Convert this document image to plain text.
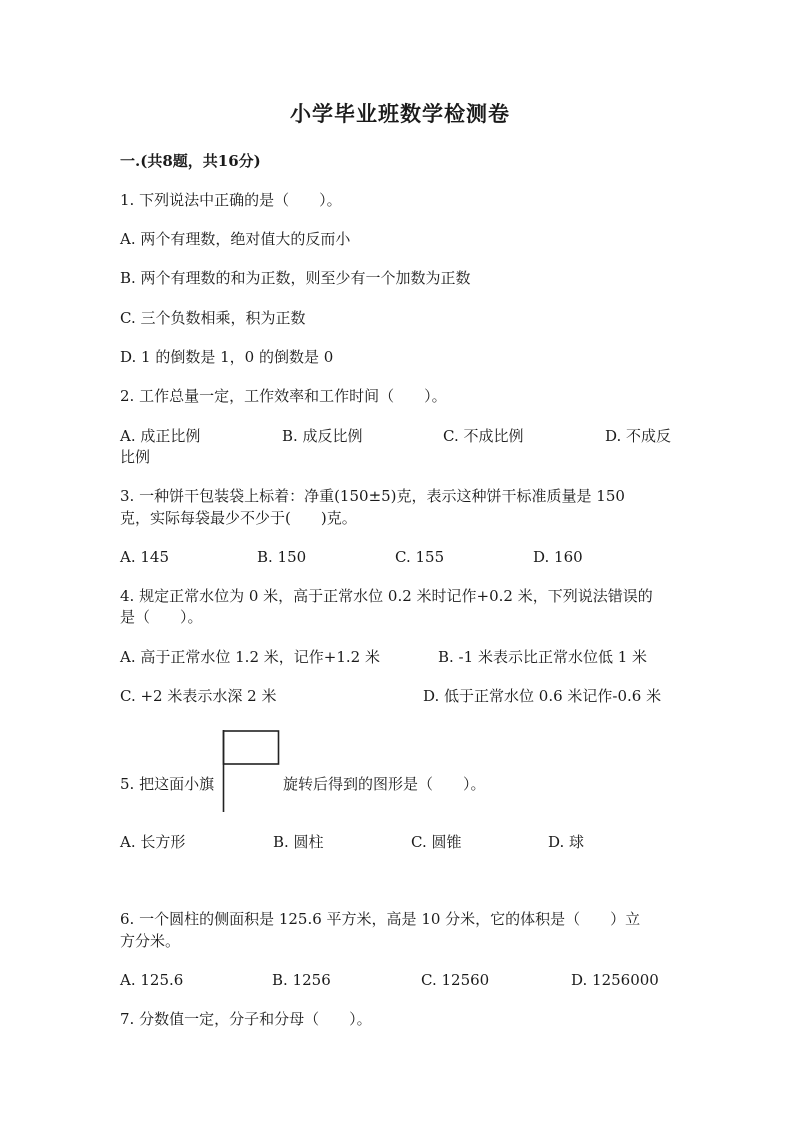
小学毕业班数学检测卷
一.(共8题，共16分)
1. 下列说法中正确的是（　　）。
A. 两个有理数，绝对值大的反而小
B. 两个有理数的和为正数，则至少有一个加数为正数
C. 三个负数相乘，积为正数
D. 1 的倒数是 1，0 的倒数是 0
2. 工作总量一定，工作效率和工作时间（　　）。
A. 成正比例	B. 成反比例	C. 不成比例	D. 不成反
比例
3. 一种饼干包装袋上标着：净重(150±5)克，表示这种饼干标准质量是 150
克，实际每袋最少不少于(　　)克。
A. 145	B. 150	C. 155	D. 160
4. 规定正常水位为 0 米，高于正常水位 0.2 米时记作+0.2 米，下列说法错误的
是（　　）。
A. 高于正常水位 1.2 米，记作+1.2 米	B. -1 米表示比正常水位低 1 米
C. +2 米表示水深 2 米	D. 低于正常水位 0.6 米记作-0.6 米
5. 把这面小旗	旋转后得到的图形是（　　）。
A. 长方形	B. 圆柱	C. 圆锥	D. 球
6. 一个圆柱的侧面积是 125.6 平方米，高是 10 分米，它的体积是（　　）立
方分米。
A. 125.6	B. 1256	C. 12560	D. 1256000
7. 分数值一定，分子和分母（　　）。
